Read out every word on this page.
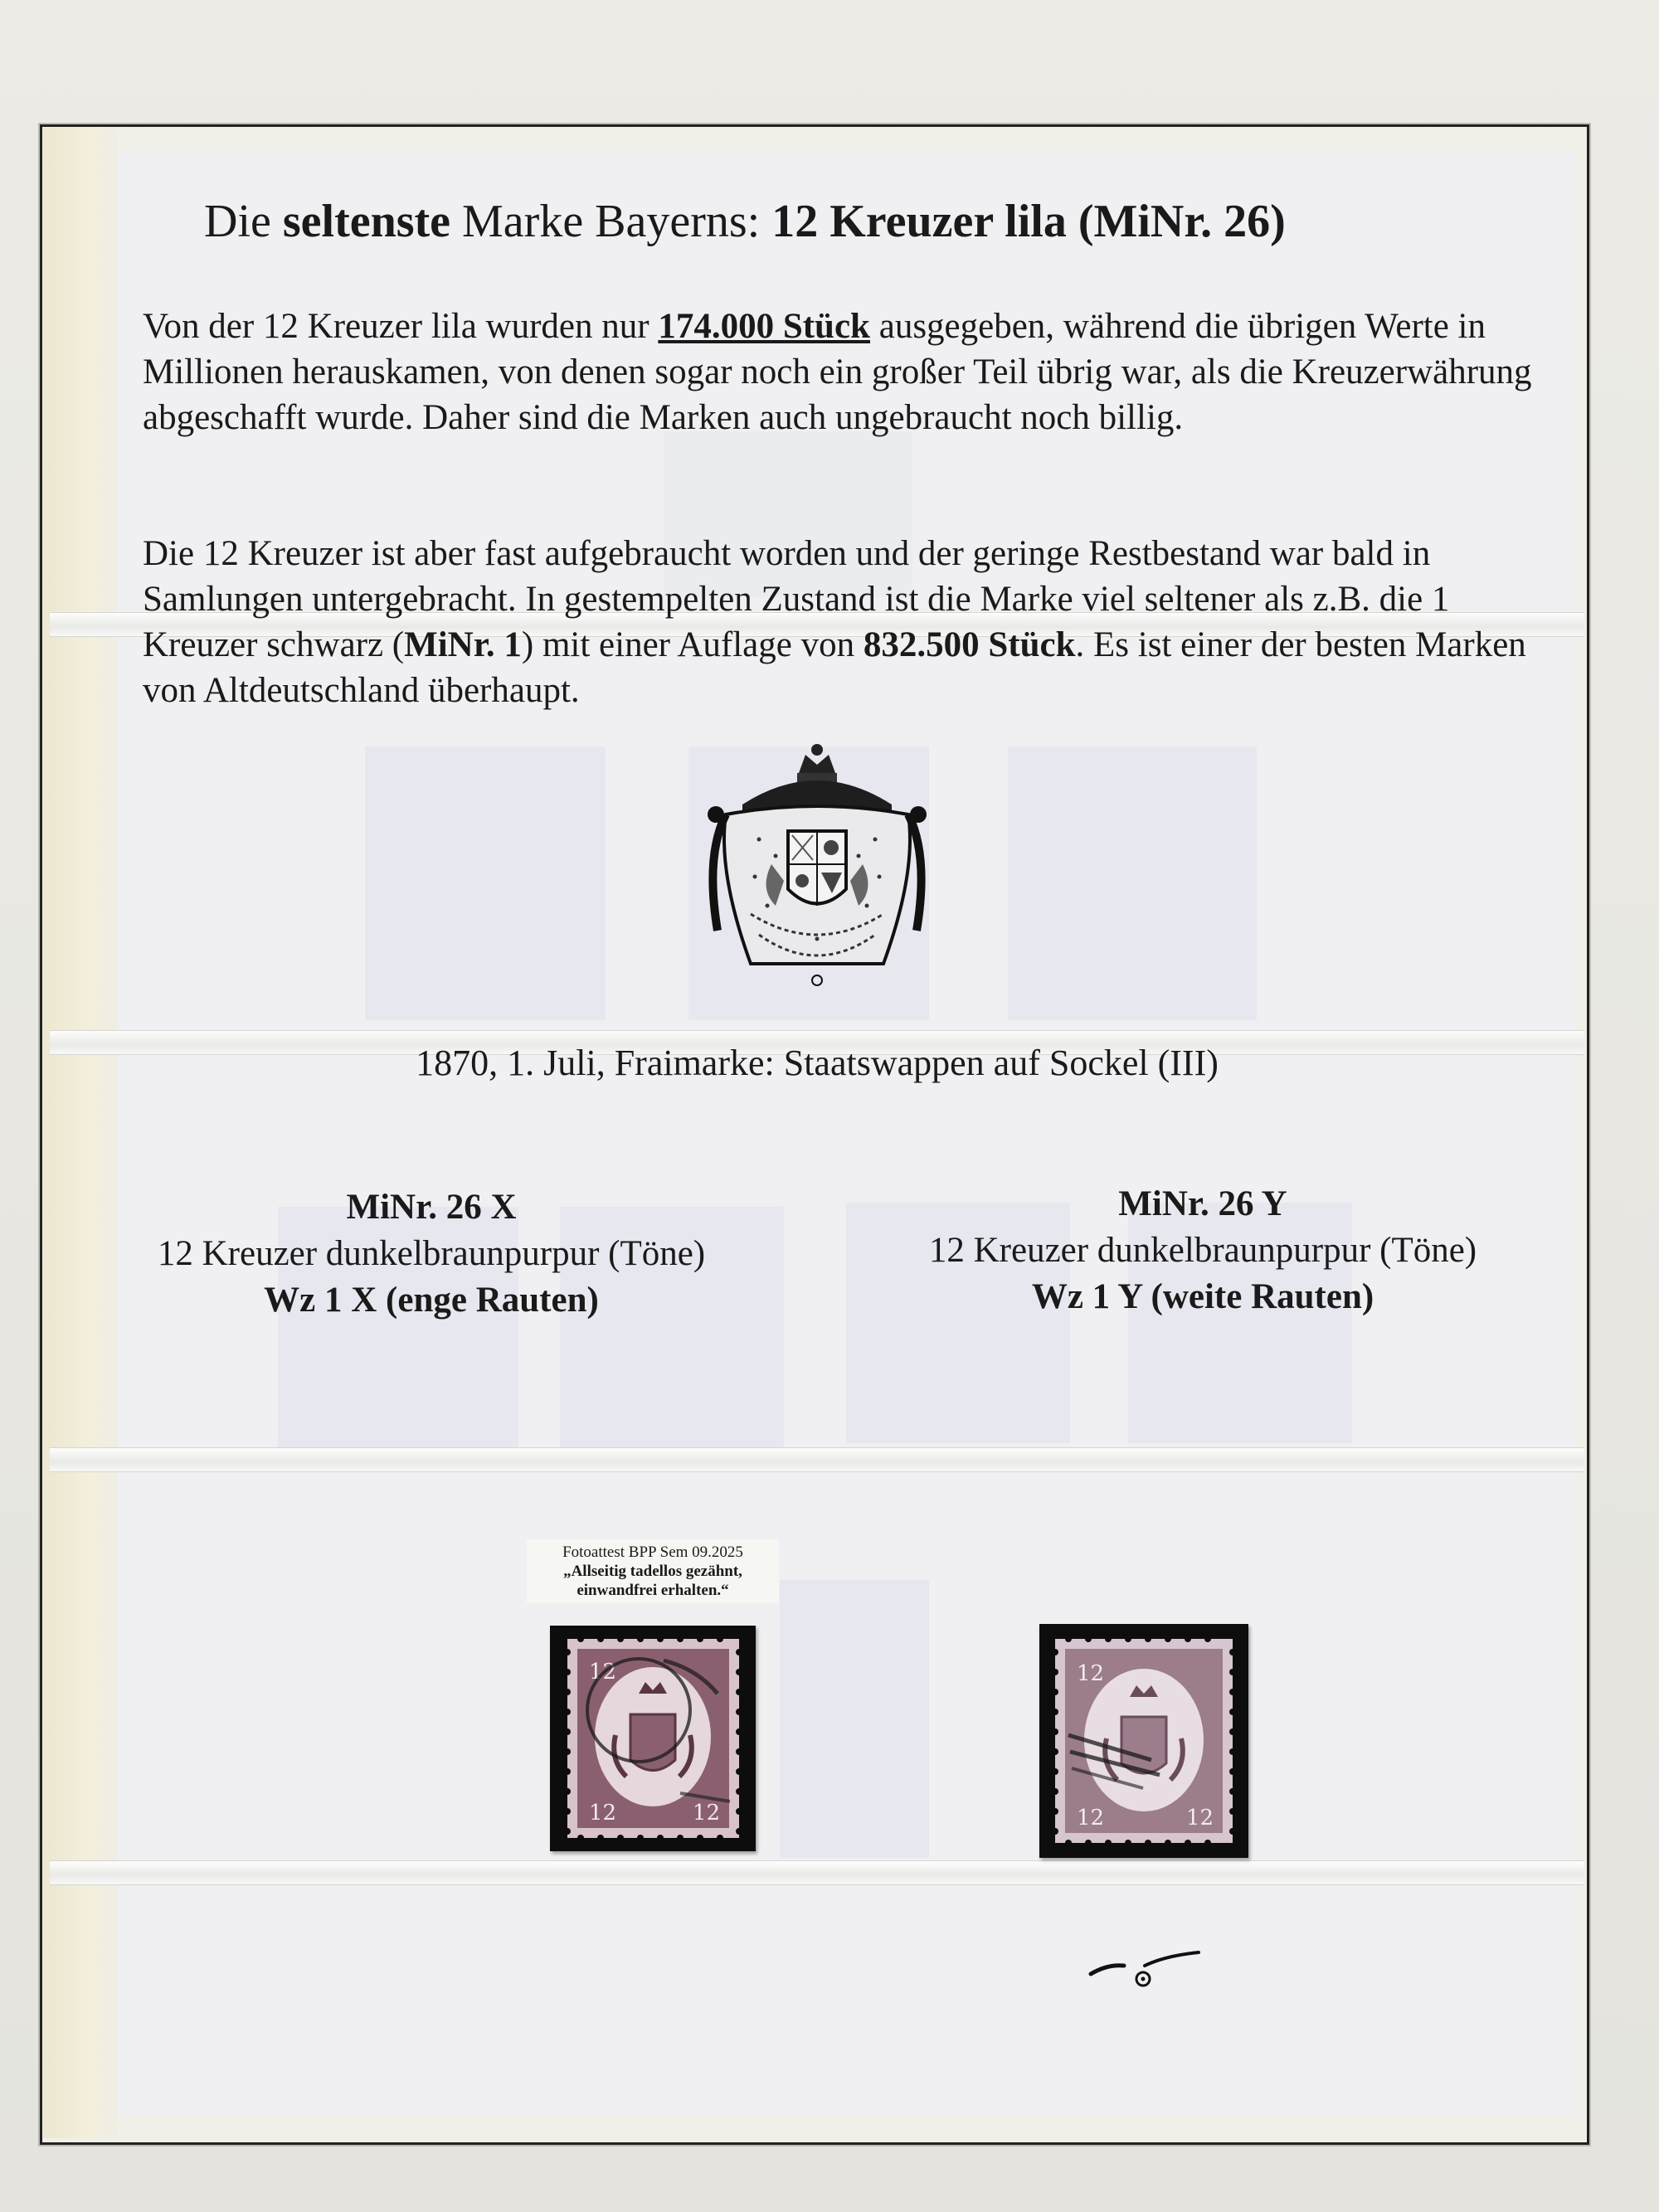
Die seltenste Marke Bayerns: 12 Kreuzer lila (MiNr. 26)

Von der 12 Kreuzer lila wurden nur 174.000 Stück ausgegeben, während die übrigen Werte in Millionen herauskamen, von denen sogar noch ein großer Teil übrig war, als die Kreuzerwährung abgeschafft wurde. Daher sind die Marken auch ungebraucht noch billig.

Die 12 Kreuzer ist aber fast aufgebraucht worden und der geringe Restbestand war bald in Samlungen untergebracht. In gestempelten Zustand ist die Marke viel seltener als z.B. die 1 Kreuzer schwarz (MiNr. 1) mit einer Auflage von 832.500 Stück. Es ist einer der besten Marken von Altdeutschland überhaupt.

1870, 1. Juli, Fraimarke: Staatswappen auf Sockel (III)
MiNr. 26 X
12 Kreuzer dunkelbraunpurpur (Töne)
Wz 1 X (enge Rauten)
MiNr. 26 Y
12 Kreuzer dunkelbraunpurpur (Töne)
Wz 1 Y (weite Rauten)
Fotoattest BPP Sem 09.2025
„Allseitig tadellos gezähnt,
einwandfrei erhalten.“
12
12	12
12
12	12
